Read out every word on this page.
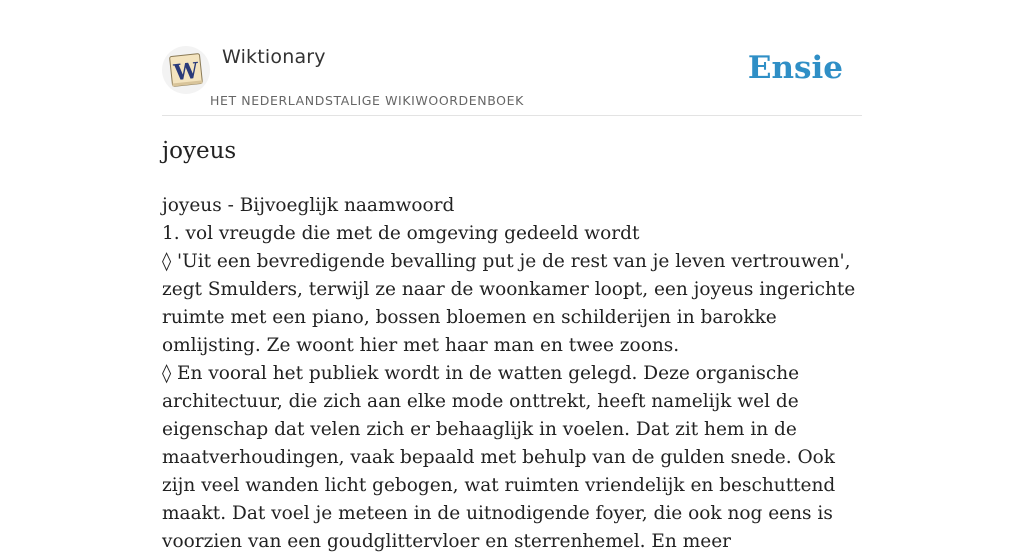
W
Wiktionary
HET NEDERLANDSTALIGE WIKIWOORDENBOEK
Ensie
joyeus
joyeus - Bijvoeglijk naamwoord
1. vol vreugde die met de omgeving gedeeld wordt
◊ 'Uit een bevredigende bevalling put je de rest van je leven vertrouwen', zegt Smulders, terwijl ze naar de woonkamer loopt, een joyeus ingerichte ruimte met een piano, bossen bloemen en schilderijen in barokke omlijsting. Ze woont hier met haar man en twee zoons.
◊ En vooral het publiek wordt in de watten gelegd. Deze organische architectuur, die zich aan elke mode onttrekt, heeft namelijk wel de eigenschap dat velen zich er behaaglijk in voelen. Dat zit hem in de maatverhoudingen, vaak bepaald met behulp van de gulden snede. Ook zijn veel wanden licht gebogen, wat ruimten vriendelijk en beschuttend maakt. Dat voel je meteen in de uitnodigende foyer, die ook nog eens is voorzien van een goudglittervloer en sterrenhemel. En meer
